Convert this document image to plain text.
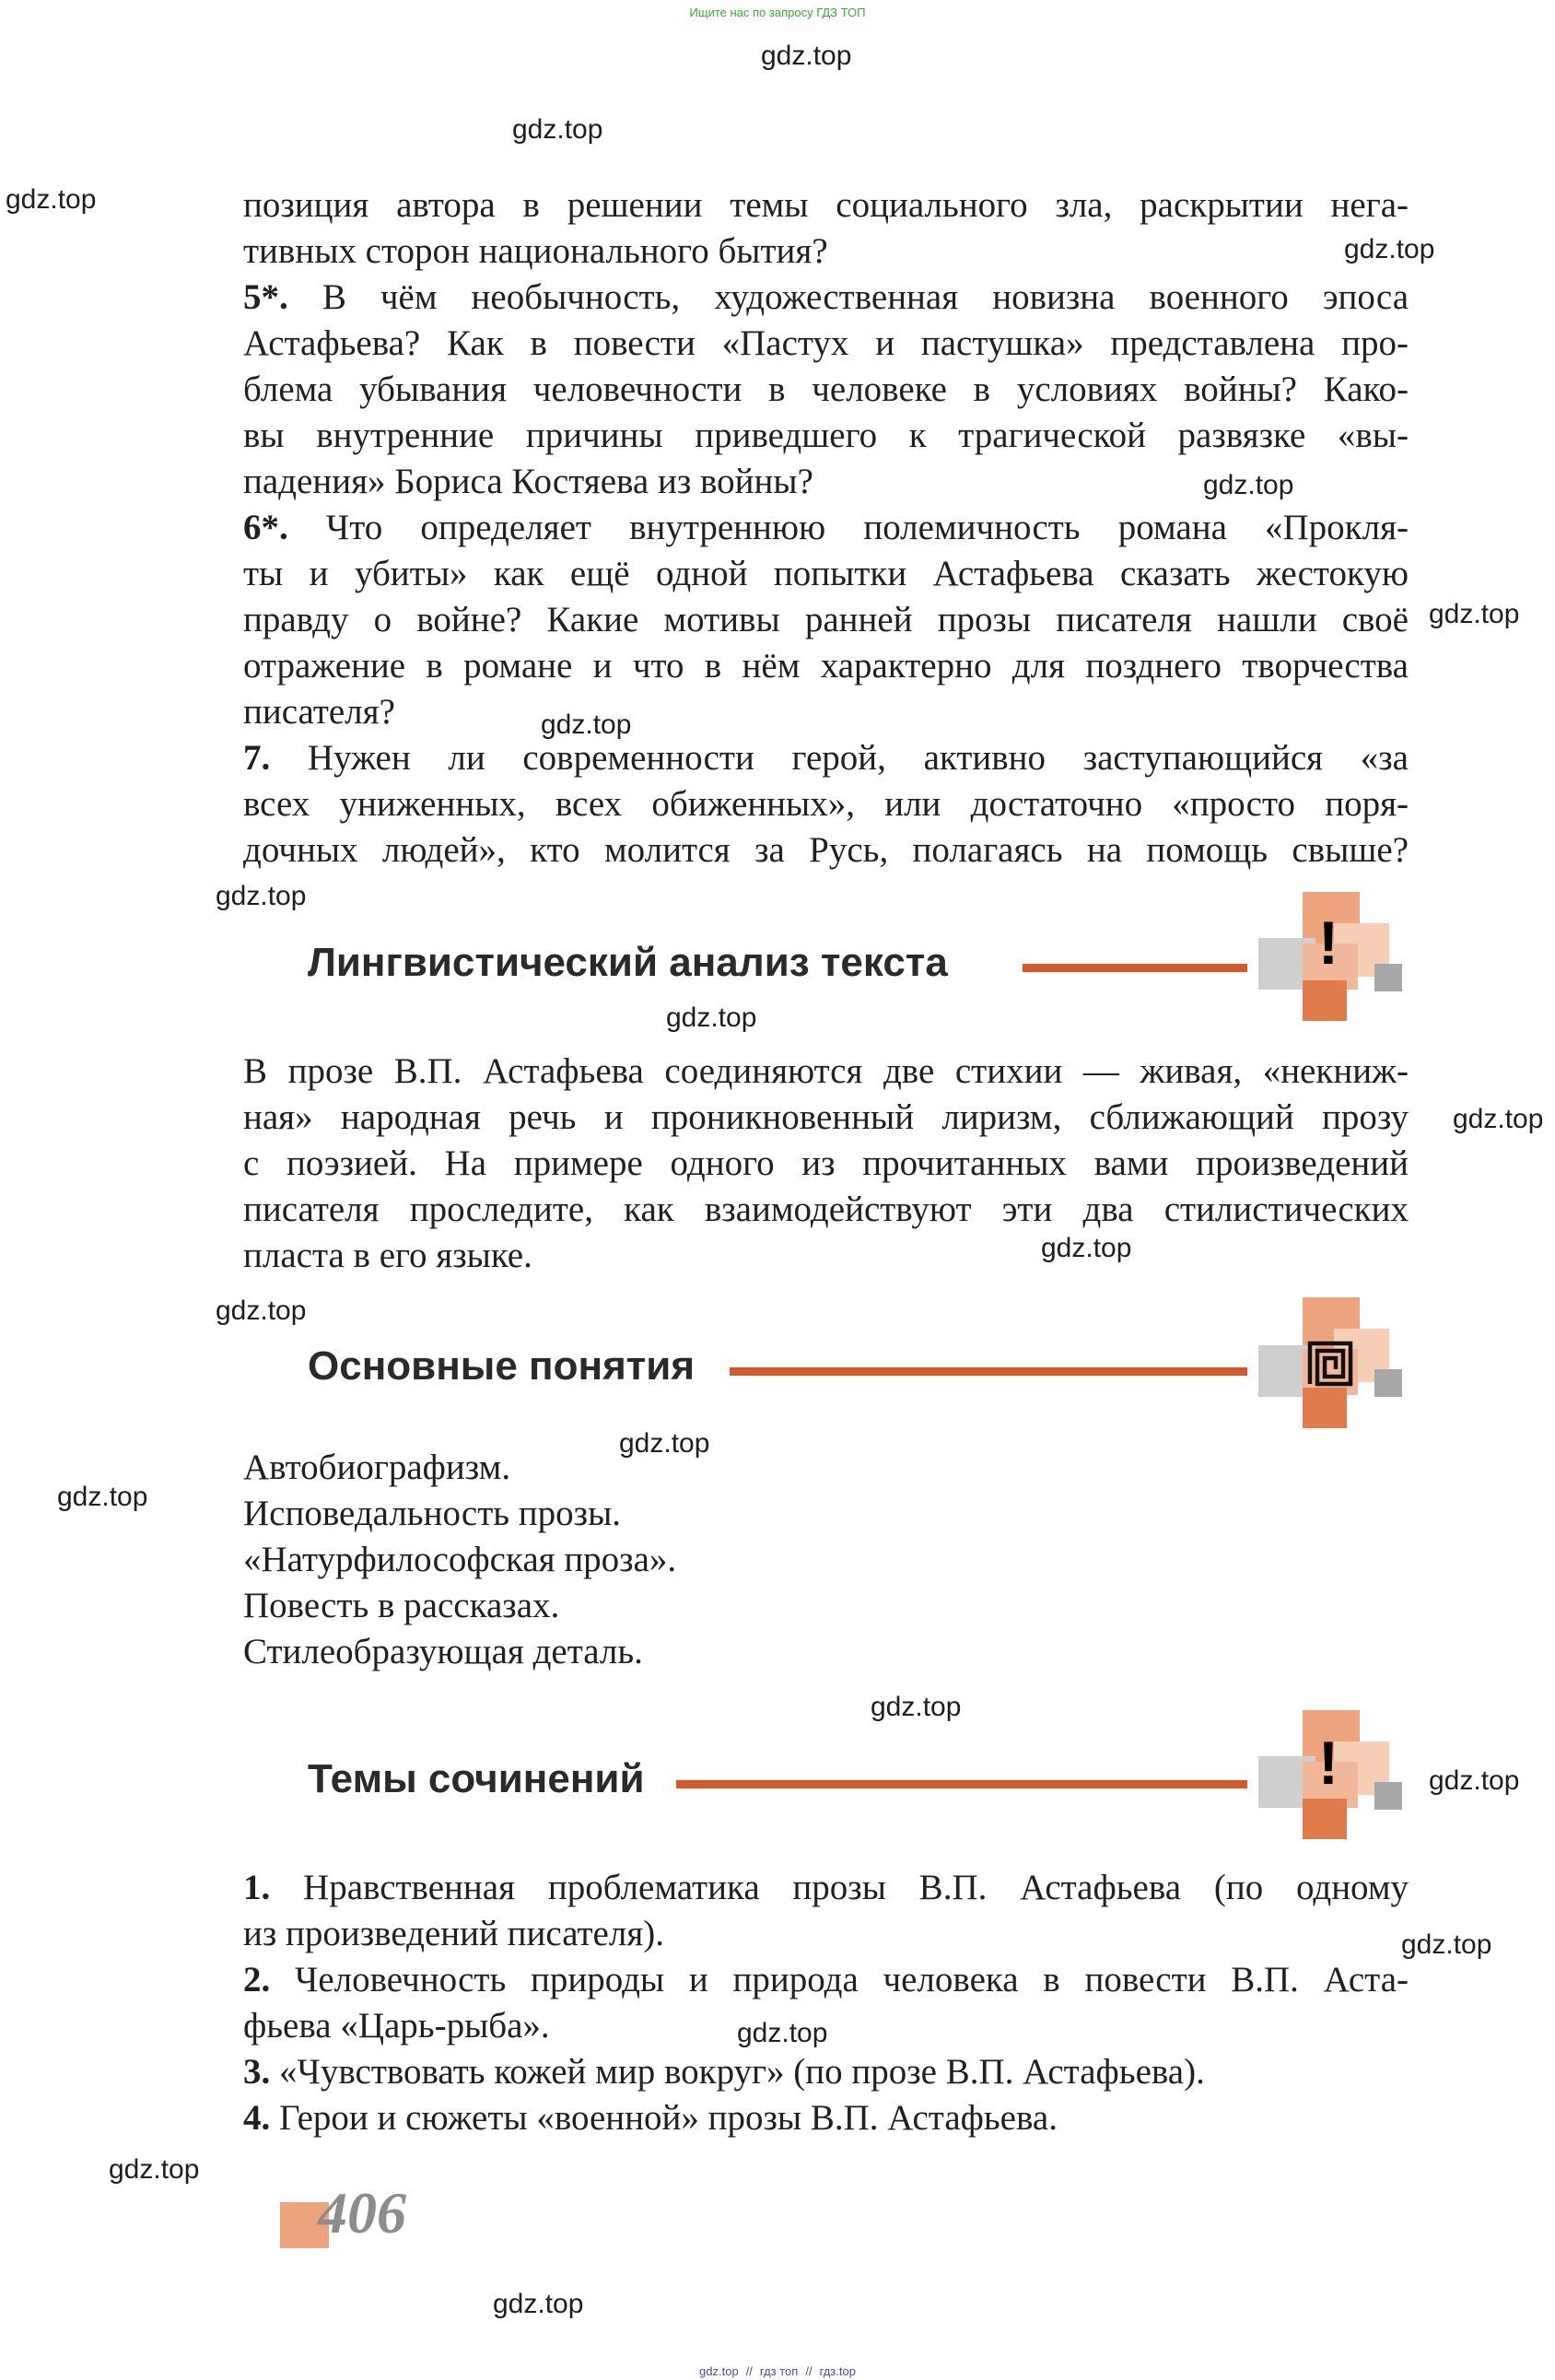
Ищите нас по запросу ГДЗ ТОП
gdz.top
gdz.top
gdz.top
gdz.top
gdz.top
gdz.top
gdz.top
gdz.top
gdz.top
gdz.top
gdz.top
gdz.top
gdz.top
gdz.top
gdz.top
gdz.top
gdz.top
gdz.top
gdz.top
gdz.top
позиция автора в решении темы социального зла, раскрытии нега-
тивных сторон национального бытия?
5*. В чём необычность, художественная новизна военного эпоса
Астафьева? Как в повести «Пастух и пастушка» представлена про-
блема убывания человечности в человеке в условиях войны? Како-
вы внутренние причины приведшего к трагической развязке «вы-
падения» Бориса Костяева из войны?
6*. Что определяет внутреннюю полемичность романа «Прокля-
ты и убиты» как ещё одной попытки Астафьева сказать жестокую
правду о войне? Какие мотивы ранней прозы писателя нашли своё
отражение в романе и что в нём характерно для позднего творчества
писателя?
7. Нужен ли современности герой, активно заступающийся «за
всех униженных, всех обиженных», или достаточно «просто поря-
дочных людей», кто молится за Русь, полагаясь на помощь свыше?
Лингвистический анализ текста	!
В прозе В.П. Астафьева соединяются две стихии — живая, «некниж-
ная» народная речь и проникновенный лиризм, сближающий прозу
с поэзией. На примере одного из прочитанных вами произведений
писателя проследите, как взаимодействуют эти два стилистических
пласта в его языке.
Основные понятия
Автобиографизм.
Исповедальность прозы.
«Натурфилософская проза».
Повесть в рассказах.
Стилеобразующая деталь.
Темы сочинений	!
1. Нравственная проблематика прозы В.П. Астафьева (по одному
из произведений писателя).
2. Человечность природы и природа человека в повести В.П. Аста-
фьева «Царь-рыба».
3. «Чувствовать кожей мир вокруг» (по прозе В.П. Астафьева).
4. Герои и сюжеты «военной» прозы В.П. Астафьева.
406
gdz.top // гдз топ // гдз.top
